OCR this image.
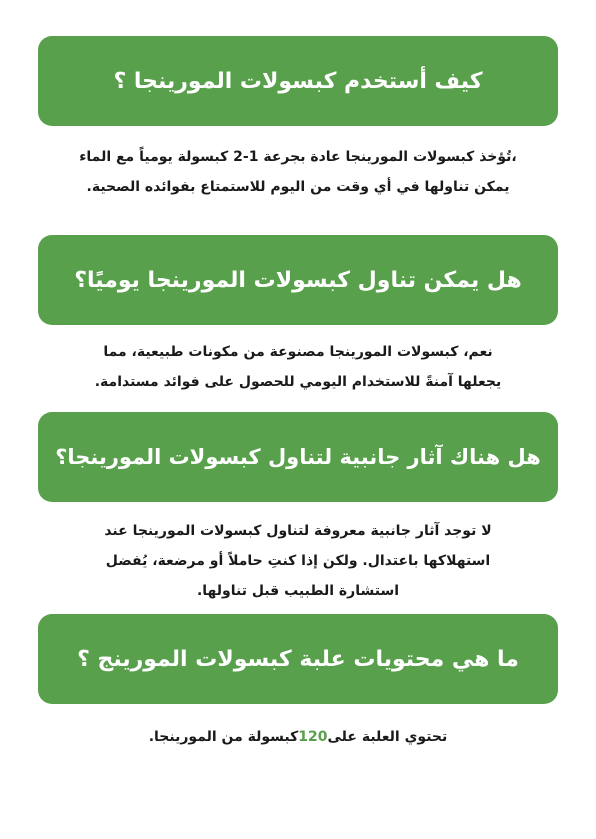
كيف أستخدم كبسولات المورينجا ؟
،تُؤخذ كبسولات المورينجا عادة بجرعة 1-2 كبسولة يومياً مع الماء
يمكن تناولها في أي وقت من اليوم للاستمتاع بفوائده الصحية.
هل يمكن تناول كبسولات المورينجا يوميًا؟
نعم، كبسولات المورينجا مصنوعة من مكونات طبيعية، مما
يجعلها آمنةً للاستخدام اليومي للحصول على فوائد مستدامة.
هل هناك آثار جانبية لتناول كبسولات المورينجا؟
لا توجد آثار جانبية معروفة لتناول كبسولات المورينجا عند
استهلاكها باعتدال. ولكن إذا كنتِ حاملاً أو مرضعة، يُفضل
استشارة الطبيب قبل تناولها.
ما هي محتويات علبة كبسولات المورينج ؟
تحتوي العلبة على120كبسولة من المورينجا.
